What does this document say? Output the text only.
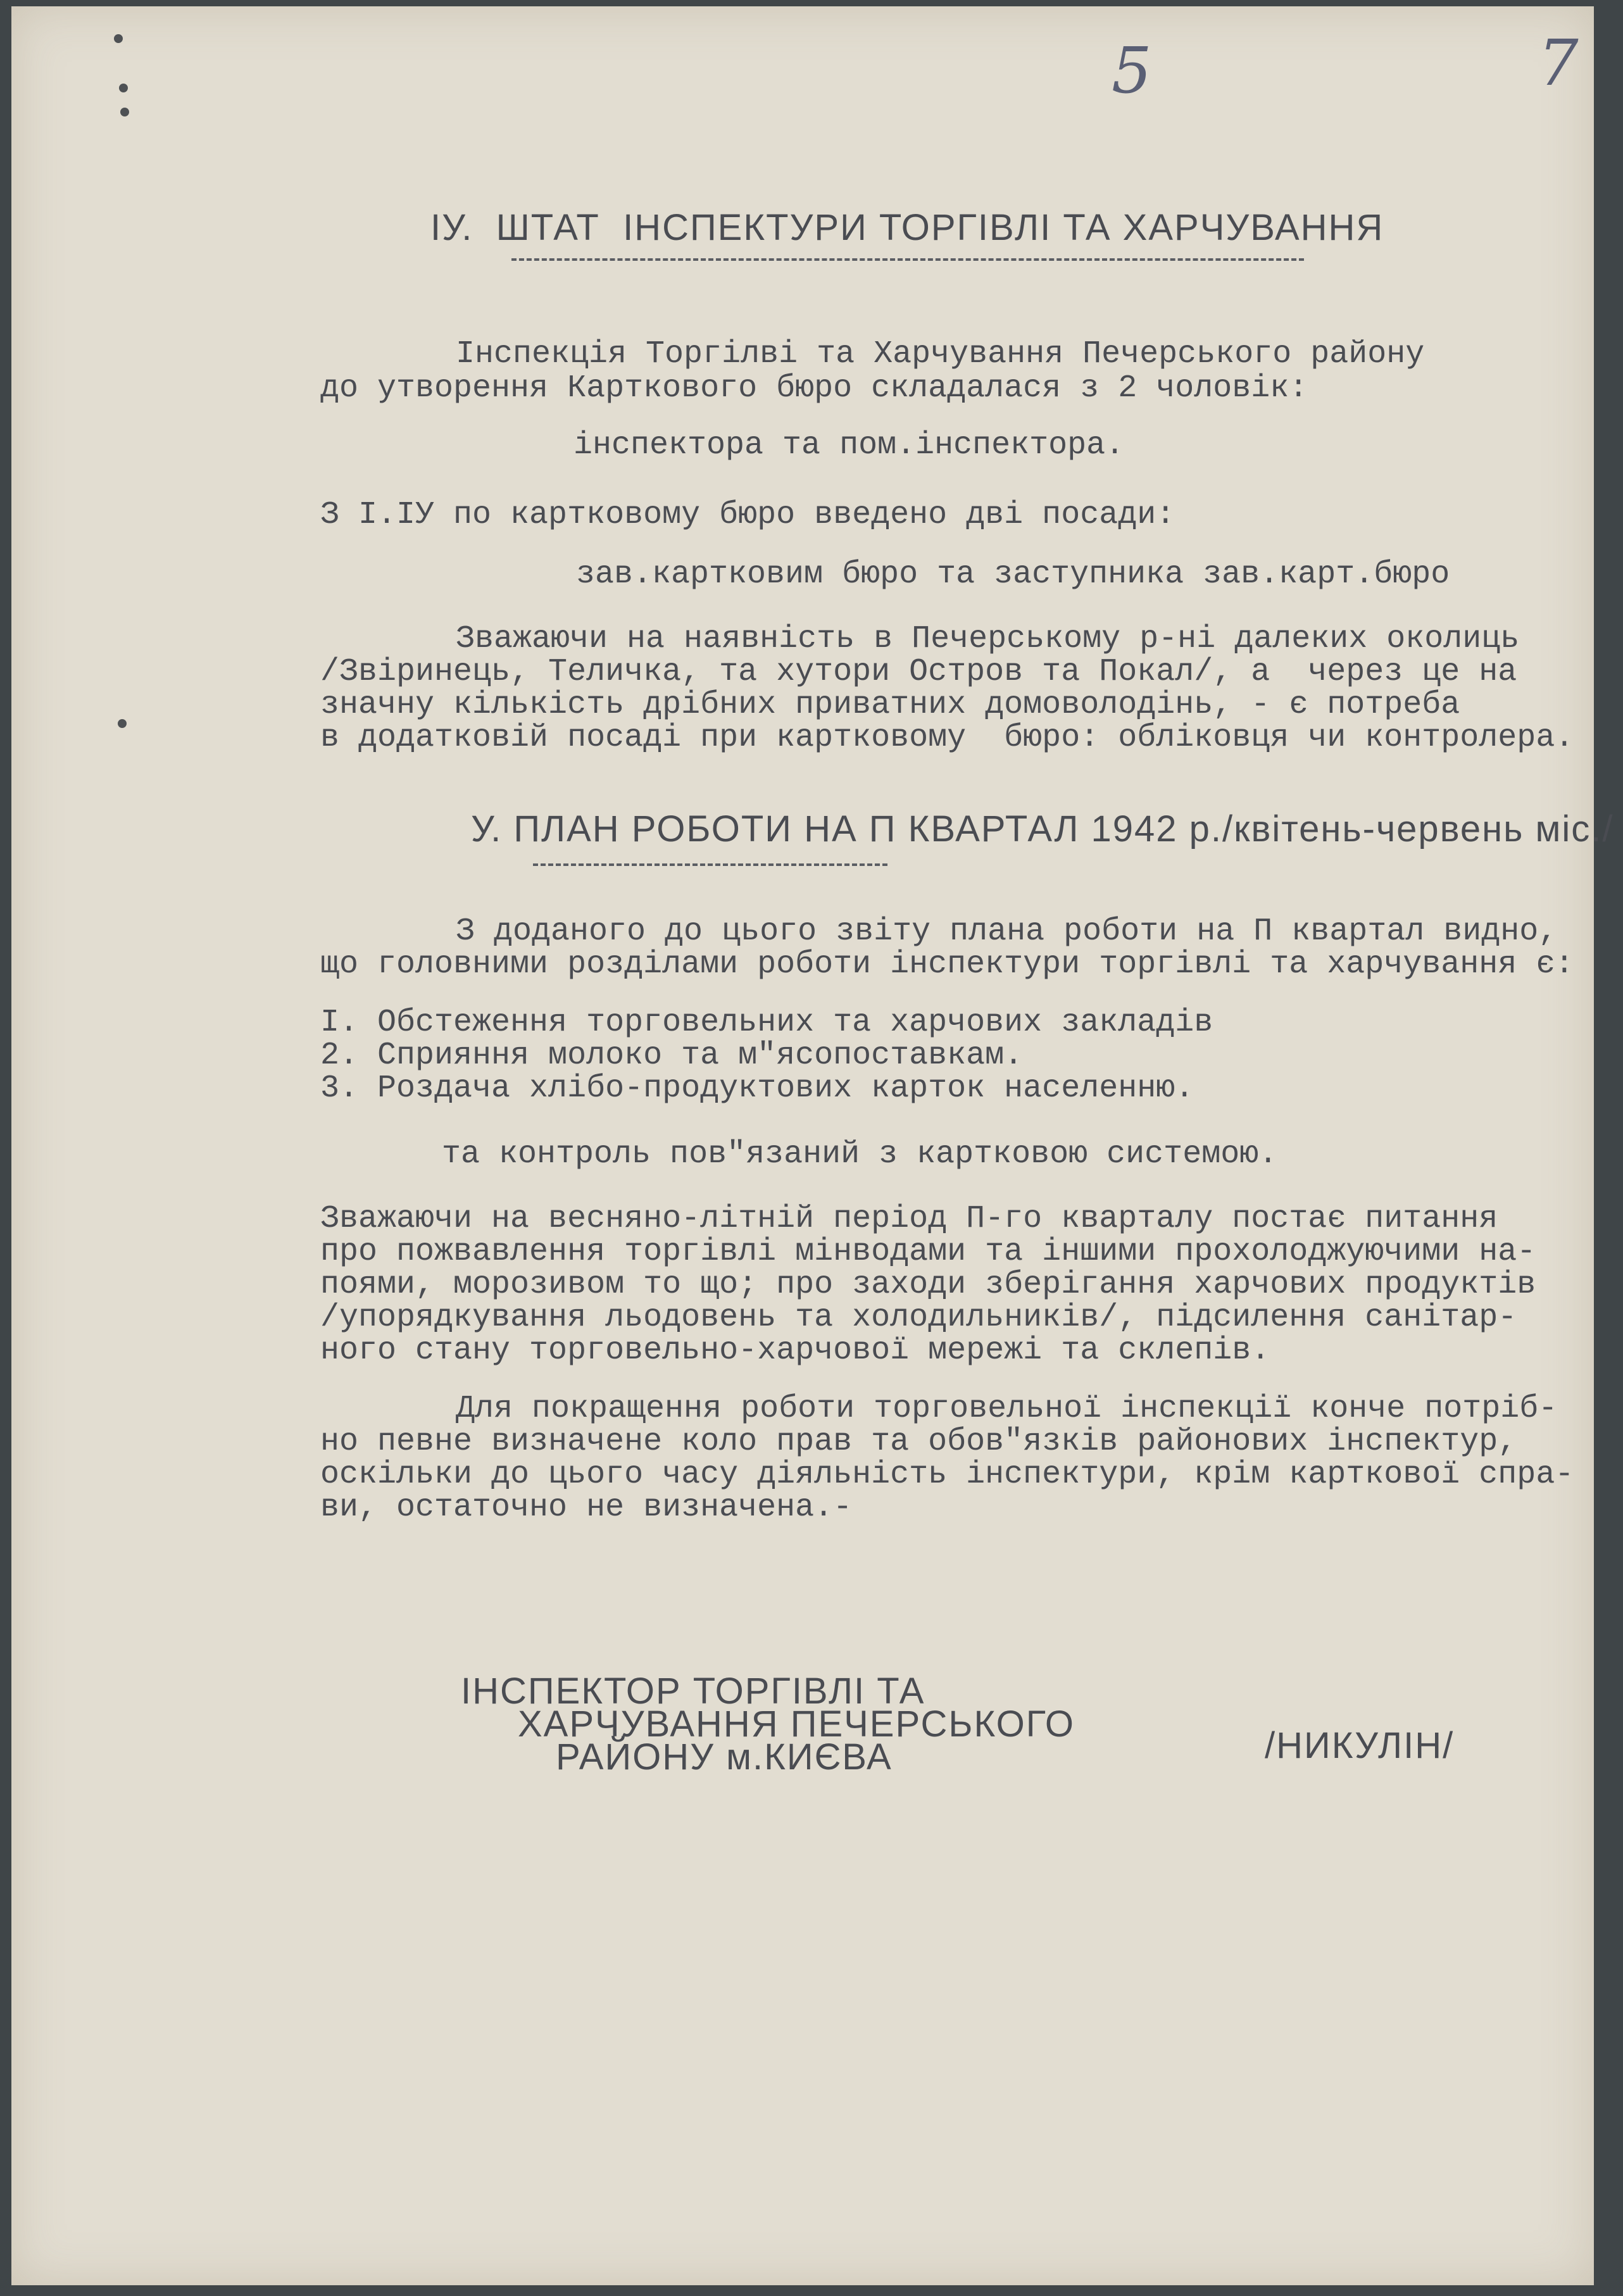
5	7
IУ.  ШТАТ  ІНСПЕКТУРИ ТОРГІВЛІ ТА ХАРЧУВАННЯ
Інспекція Торгілві та Харчування Печерського району
до утворення Карткового бюро складалася з 2 чоловік:
інспектора та пом.інспектора.
З І.ІУ по картковому бюро введено дві посади:
зав.картковим бюро та заступника зав.карт.бюро
Зважаючи на наявність в Печерському р-ні далеких околиць
/Звіринець, Теличка, та хутори Остров та Покал/, а  через це на
значну кількість дрібних приватних домоволодінь, - є потреба
в додатковій посаді при картковому  бюро: обліковця чи контролера.
У. ПЛАН РОБОТИ НА П КВАРТАЛ 1942 р./квітень-червень міс./
З доданого до цього звіту плана роботи на П квартал видно,
що головними розділами роботи інспектури торгівлі та харчування є:
І. Обстеження торговельних та харчових закладів
2. Сприяння молоко та м"ясопоставкам.
3. Роздача хлібо-продуктових карток населенню.
та контроль пов"язаний з картковою системою.
Зважаючи на весняно-літній період П-го кварталу постає питання
про пожвавлення торгівлі мінводами та іншими прохолоджуючими на-
поями, морозивом то що; про заходи зберігання харчових продуктів
/упорядкування льодовень та холодильників/, підсилення санітар-
ного стану торговельно-харчової мережі та склепів.
Для покращення роботи торговельної інспекції конче потріб-
но певне визначене коло прав та обов"язків районових інспектур,
оскільки до цього часу діяльність інспектури, крім карткової спра-
ви, остаточно не визначена.-
ІНСПЕКТОР ТОРГІВЛІ ТА
ХАРЧУВАННЯ ПЕЧЕРСЬКОГО
РАЙОНУ м.КИЄВА	/НИКУЛІН/
